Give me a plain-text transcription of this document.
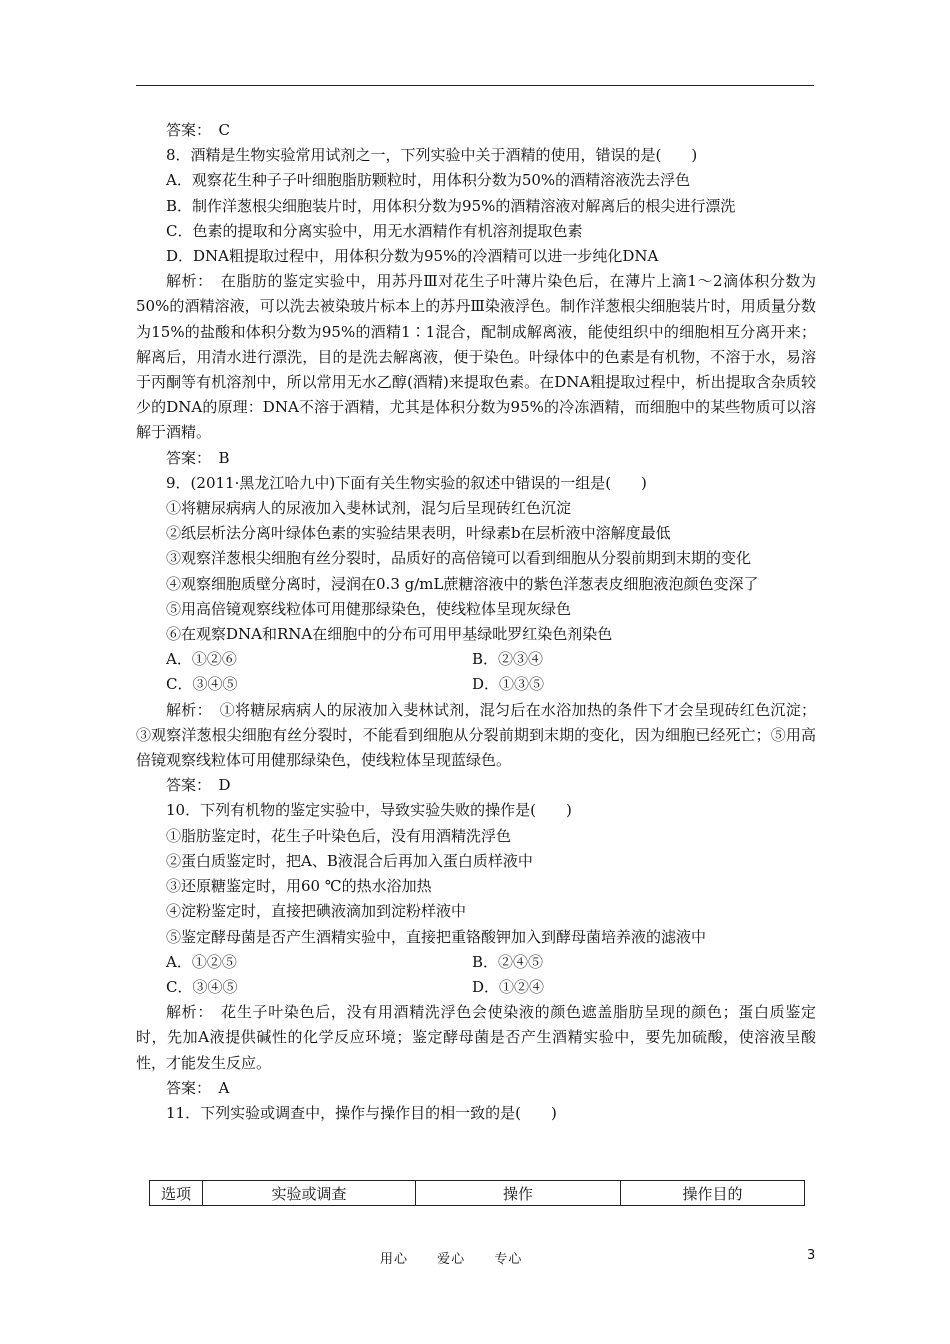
答案：　C

8．酒精是生物实验常用试剂之一，下列实验中关于酒精的使用，错误的是(　　)

A．观察花生种子子叶细胞脂肪颗粒时，用体积分数为50%的酒精溶液洗去浮色

B．制作洋葱根尖细胞装片时，用体积分数为95%的酒精溶液对解离后的根尖进行漂洗

C．色素的提取和分离实验中，用无水酒精作有机溶剂提取色素

D．DNA粗提取过程中，用体积分数为95%的冷酒精可以进一步纯化DNA

解析：　在脂肪的鉴定实验中，用苏丹Ⅲ对花生子叶薄片染色后，在薄片上滴1～2滴体积分数为50%的酒精溶液，可以洗去被染玻片标本上的苏丹Ⅲ染液浮色。制作洋葱根尖细胞装片时，用质量分数为15%的盐酸和体积分数为95%的酒精1∶1混合，配制成解离液，能使组织中的细胞相互分离开来；解离后，用清水进行漂洗，目的是洗去解离液，便于染色。叶绿体中的色素是有机物，不溶于水，易溶于丙酮等有机溶剂中，所以常用无水乙醇(酒精)来提取色素。在DNA粗提取过程中，析出提取含杂质较少的DNA的原理：DNA不溶于酒精，尤其是体积分数为95%的冷冻酒精，而细胞中的某些物质可以溶解于酒精。

答案：　B

9．(2011·黑龙江哈九中)下面有关生物实验的叙述中错误的一组是(　　)

①将糖尿病病人的尿液加入斐林试剂，混匀后呈现砖红色沉淀

②纸层析法分离叶绿体色素的实验结果表明，叶绿素b在层析液中溶解度最低

③观察洋葱根尖细胞有丝分裂时，品质好的高倍镜可以看到细胞从分裂前期到末期的变化

④观察细胞质壁分离时，浸润在0.3 g/mL蔗糖溶液中的紫色洋葱表皮细胞液泡颜色变深了

⑤用高倍镜观察线粒体可用健那绿染色，使线粒体呈现灰绿色

⑥在观察DNA和RNA在细胞中的分布可用甲基绿吡罗红染色剂染色

A．①②⑥	B．②③④
C．③④⑤	D．①③⑤

解析：　①将糖尿病病人的尿液加入斐林试剂，混匀后在水浴加热的条件下才会呈现砖红色沉淀；③观察洋葱根尖细胞有丝分裂时，不能看到细胞从分裂前期到末期的变化，因为细胞已经死亡；⑤用高倍镜观察线粒体可用健那绿染色，使线粒体呈现蓝绿色。

答案：　D

10．下列有机物的鉴定实验中，导致实验失败的操作是(　　)

①脂肪鉴定时，花生子叶染色后，没有用酒精洗浮色

②蛋白质鉴定时，把A、B液混合后再加入蛋白质样液中

③还原糖鉴定时，用60 ℃的热水浴加热

④淀粉鉴定时，直接把碘液滴加到淀粉样液中

⑤鉴定酵母菌是否产生酒精实验中，直接把重铬酸钾加入到酵母菌培养液的滤液中

A．①②⑤	B．②④⑤
C．③④⑤	D．①②④

解析：　花生子叶染色后，没有用酒精洗浮色会使染液的颜色遮盖脂肪呈现的颜色；蛋白质鉴定时，先加A液提供碱性的化学反应环境；鉴定酵母菌是否产生酒精实验中，要先加硫酸，使溶液呈酸性，才能发生反应。

答案：　A

11．下列实验或调查中，操作与操作目的相一致的是(　　)

选项	实验或调查	操作	操作目的
用心 爱心 专心	3
